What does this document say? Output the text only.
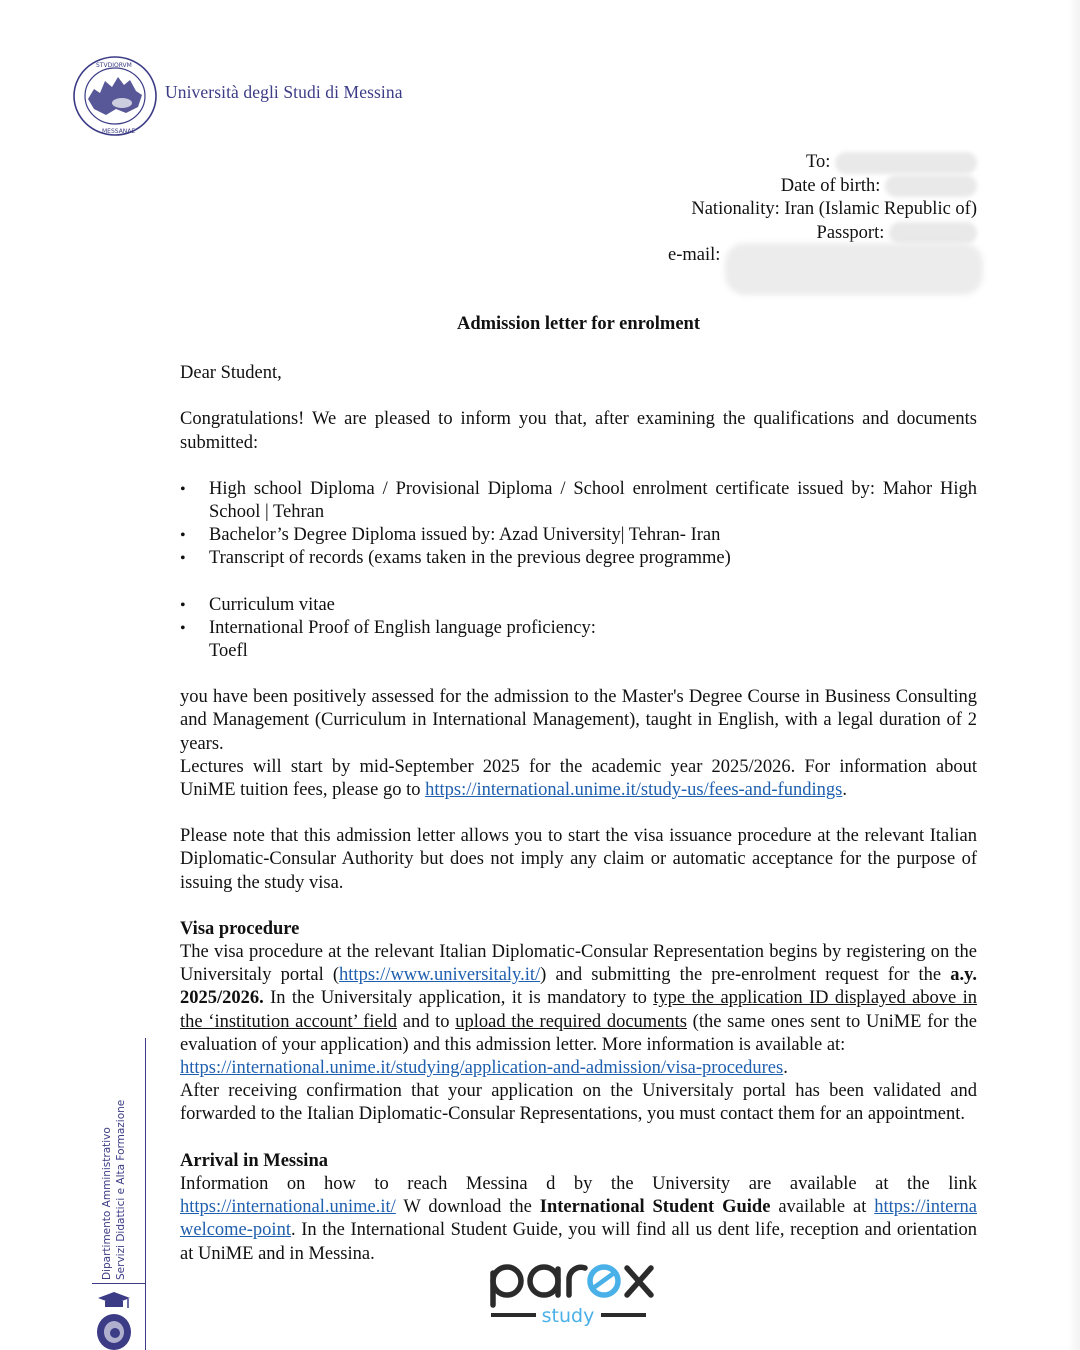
STVDIORVM
MESSANAE
Università degli Studi di Messina
To:
Date of birth:
Nationality: Iran (Islamic Republic of)
Passport:
e-mail:
Admission letter for enrolment

Dear Student,

Congratulations! We are pleased to inform you that, after examining the qualifications and documents submitted:

• High school Diploma / Provisional Diploma / School enrolment certificate issued by: Mahor High School | Tehran
• Bachelor’s Degree Diploma issued by: Azad University| Tehran- Iran
• Transcript of records (exams taken in the previous degree programme)
• Curriculum vitae
• International Proof of English language proficiency:
Toefl

you have been positively assessed for the admission to the Master's Degree Course in Business Consulting and Management (Curriculum in International Management), taught in English, with a legal duration of 2 years.

Lectures will start by mid-September 2025 for the academic year 2025/2026. For information about UniME tuition fees, please go to https://international.unime.it/study-us/fees-and-fundings.

Please note that this admission letter allows you to start the visa issuance procedure at the relevant Italian Diplomatic-Consular Authority but does not imply any claim or automatic acceptance for the purpose of issuing the study visa.

Visa procedure

The visa procedure at the relevant Italian Diplomatic-Consular Representation begins by registering on the Universitaly portal (https://www.universitaly.it/) and submitting the pre-enrolment request for the a.y. 2025/2026. In the Universitaly application, it is mandatory to type the application ID displayed above in the ‘institution account’ field and to upload the required documents (the same ones sent to UniME for the evaluation of your application) and this admission letter. More information is available at:

https://international.unime.it/studying/application-and-admission/visa-procedures.

After receiving confirmation that your application on the Universitaly portal has been validated and forwarded to the Italian Diplomatic-Consular Representations, you must contact them for an appointment.

Arrival in Messina

Information on how to reach Messina d by the University are available at the link https://international.unime.it/ W download the International Student Guide available at https://interna welcome-point. In the International Student Guide, you will find all us dent life, reception and orientation at UniME and in Messina.

Dipartimento Amministrativo Servizi Didattici e Alta Formazione
study
